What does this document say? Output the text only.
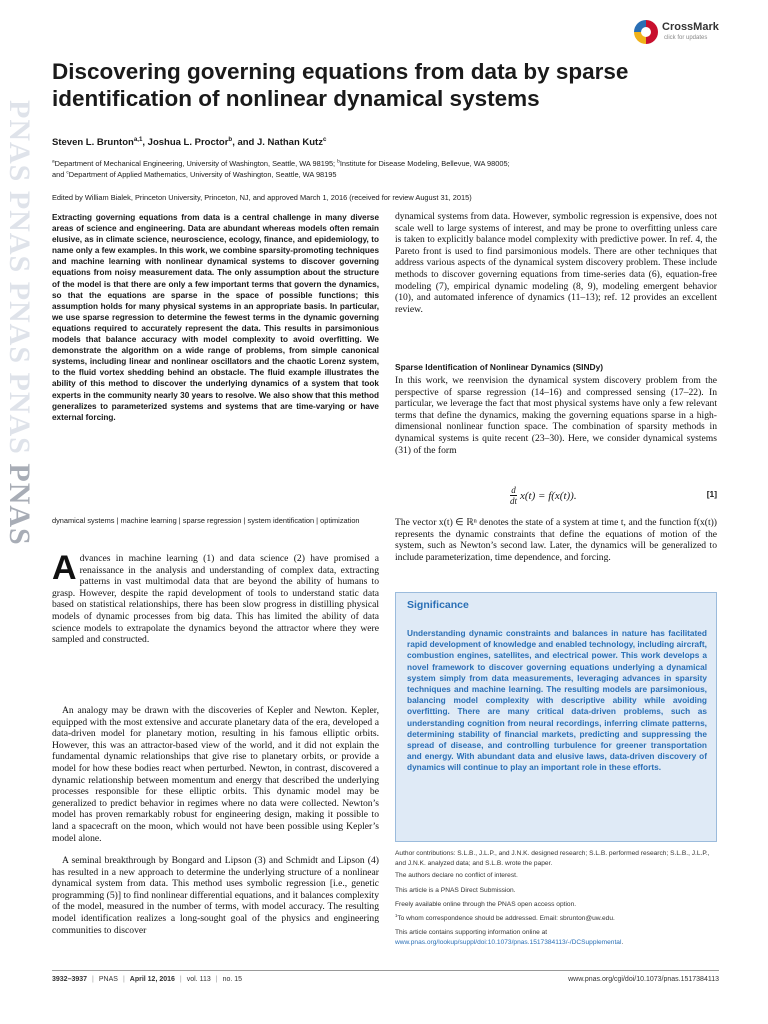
PNAS PNAS PNAS PNAS PNAS
CrossMark
click for updates
Discovering governing equations from data by sparse identification of nonlinear dynamical systems
Steven L. Brunton$^{a,1}$, Joshua L. Proctor$^b$, and J. Nathan Kutz$^c$
$^a$Department of Mechanical Engineering, University of Washington, Seattle, WA 98195; $^b$Institute for Disease Modeling, Bellevue, WA 98005;
and $^c$Department of Applied Mathematics, University of Washington, Seattle, WA 98195
Edited by William Bialek, Princeton University, Princeton, NJ, and approved March 1, 2016 (received for review August 31, 2015)

Extracting governing equations from data is a central challenge in many diverse areas of science and engineering. Data are abundant whereas models often remain elusive, as in climate science, neuroscience, ecology, finance, and epidemiology, to name only a few examples. In this work, we combine sparsity-promoting techniques and machine learning with nonlinear dynamical systems to discover governing equations from noisy measurement data. The only assumption about the structure of the model is that there are only a few important terms that govern the dynamics, so that the equations are sparse in the space of possible functions; this assumption holds for many physical systems in an appropriate basis. In particular, we use sparse regression to determine the fewest terms in the dynamic governing equations required to accurately represent the data. This results in parsimonious models that balance accuracy with model complexity to avoid overfitting. We demonstrate the algorithm on a wide range of problems, from simple canonical systems, including linear and nonlinear oscillators and the chaotic Lorenz system, to the fluid vortex shedding behind an obstacle. The fluid example illustrates the ability of this method to discover the underlying dynamics of a system that took experts in the community nearly 30 years to resolve. We also show that this method generalizes to parameterized systems and systems that are time-varying or have external forcing.

dynamical systems | machine learning | sparse regression | system identification | optimization

Advances in machine learning (1) and data science (2) have promised a renaissance in the analysis and understanding of complex data, extracting patterns in vast multimodal data that are beyond the ability of humans to grasp. However, despite the rapid development of tools to understand static data based on statistical relationships, there has been slow progress in distilling physical models of dynamic processes from big data. This has limited the ability of data science models to extrapolate the dynamics beyond the attractor where they were sampled and constructed.

An analogy may be drawn with the discoveries of Kepler and Newton. Kepler, equipped with the most extensive and accurate planetary data of the era, developed a data-driven model for planetary motion, resulting in his famous elliptic orbits. However, this was an attractor-based view of the world, and it did not explain the fundamental dynamic relationships that give rise to planetary orbits, or provide a model for how these bodies react when perturbed. Newton, in contrast, discovered a dynamic relationship between momentum and energy that described the underlying processes responsible for these elliptic orbits. This dynamic model may be generalized to predict behavior in regimes where no data were collected. Newton’s model has proven remarkably robust for engineering design, making it possible to land a spacecraft on the moon, which would not have been possible using Kepler’s model alone.

A seminal breakthrough by Bongard and Lipson (3) and Schmidt and Lipson (4) has resulted in a new approach to determine the underlying structure of a nonlinear dynamical system from data. This method uses symbolic regression [i.e., genetic programming (5)] to find nonlinear differential equations, and it balances complexity of the model, measured in the number of terms, with model accuracy. The resulting model identification realizes a long-sought goal of the physics and engineering communities to discover

dynamical systems from data. However, symbolic regression is expensive, does not scale well to large systems of interest, and may be prone to overfitting unless care is taken to explicitly balance model complexity with predictive power. In ref. 4, the Pareto front is used to find parsimonious models. There are other techniques that address various aspects of the dynamical system discovery problem. These include methods to discover governing equations from time-series data (6), equation-free modeling (7), empirical dynamic modeling (8, 9), modeling emergent behavior (10), and automated inference of dynamics (11–13); ref. 12 provides an excellent review.

Sparse Identification of Nonlinear Dynamics (SINDy)

In this work, we reenvision the dynamical system discovery problem from the perspective of sparse regression (14–16) and compressed sensing (17–22). In particular, we leverage the fact that most physical systems have only a few relevant terms that define the dynamics, making the governing equations sparse in a high-dimensional nonlinear function space. The combination of sparsity methods in dynamical systems is quite recent (23–30). Here, we consider dynamical systems (31) of the form

$\frac{d}{dt} x(t) = f(x(t))$.	[1]

The vector x(t) ∈ ℝⁿ denotes the state of a system at time t, and the function f(x(t)) represents the dynamic constraints that define the equations of motion of the system, such as Newton’s second law. Later, the dynamics will be generalized to include parameterization, time dependence, and forcing.

Significance

Understanding dynamic constraints and balances in nature has facilitated rapid development of knowledge and enabled technology, including aircraft, combustion engines, satellites, and electrical power. This work develops a novel framework to discover governing equations underlying a dynamical system simply from data measurements, leveraging advances in sparsity techniques and machine learning. The resulting models are parsimonious, balancing model complexity with descriptive ability while avoiding overfitting. There are many critical data-driven problems, such as understanding cognition from neural recordings, inferring climate patterns, determining stability of financial markets, predicting and suppressing the spread of disease, and controlling turbulence for greener transportation and energy. With abundant data and elusive laws, data-driven discovery of dynamics will continue to play an important role in these efforts.

Author contributions: S.L.B., J.L.P., and J.N.K. designed research; S.L.B. performed research; S.L.B., J.L.P., and J.N.K. analyzed data; and S.L.B. wrote the paper.

The authors declare no conflict of interest.

This article is a PNAS Direct Submission.

Freely available online through the PNAS open access option.

$^1$To whom correspondence should be addressed. Email: sbrunton@uw.edu.

This article contains supporting information online at www.pnas.org/lookup/suppl/doi:10.1073/pnas.1517384113/-/DCSupplemental.

3932–3937 | PNAS | April 12, 2016 | vol. 113 | no. 15	www.pnas.org/cgi/doi/10.1073/pnas.1517384113
